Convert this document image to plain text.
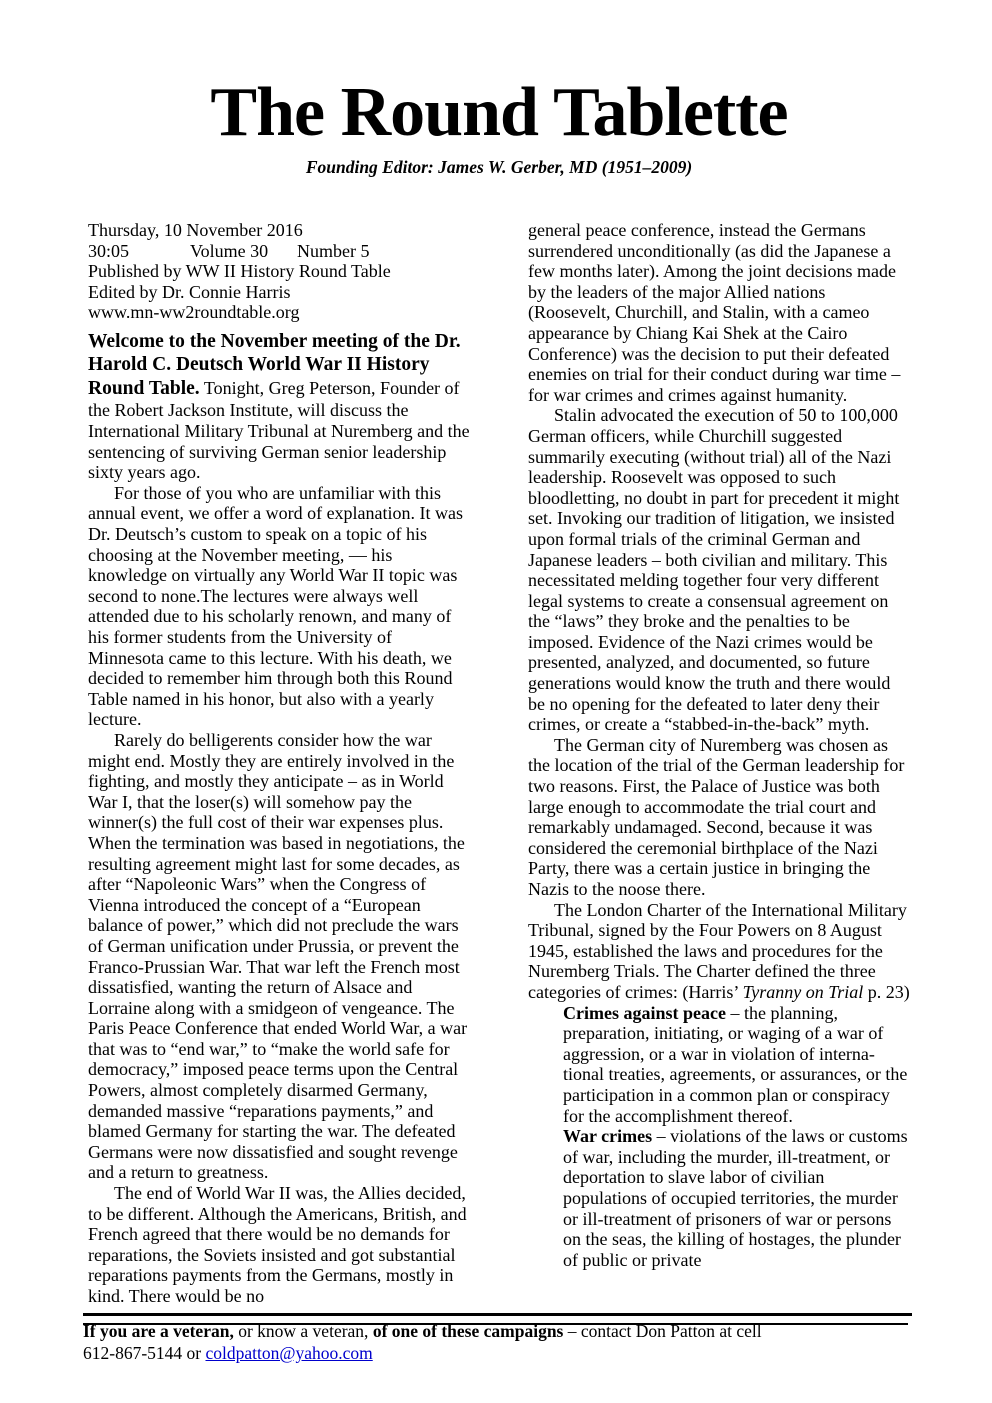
The Round Tablette
Founding Editor: James W. Gerber, MD (1951–2009)
Thursday, 10 November 2016
30:05	Volume 30 Number 5
Published by WW II History Round Table
Edited by Dr. Connie Harris
www.mn-ww2roundtable.org

Welcome to the November meeting of the Dr. Harold C. Deutsch World War II History Round Table. Tonight, Greg Peterson, Founder of the Robert Jackson Institute, will discuss the International Military Tribunal at Nuremberg and the sentencing of surviving German senior leadership sixty years ago.

For those of you who are unfamiliar with this annual event, we offer a word of explanation. It was Dr. Deutsch’s custom to speak on a topic of his choosing at the November meeting, — his knowledge on virtually any World War II topic was second to none.The lectures were always well attended due to his scholarly renown, and many of his former students from the University of Minnesota came to this lecture. With his death, we decided to remember him through both this Round Table named in his honor, but also with a yearly lecture.

Rarely do belligerents consider how the war might end. Mostly they are entirely involved in the fighting, and mostly they anticipate – as in World War I, that the loser(s) will somehow pay the winner(s) the full cost of their war expenses plus. When the termination was based in negotiations, the resulting agreement might last for some decades, as after “Napoleonic Wars” when the Congress of Vienna introduced the concept of a “European balance of power,” which did not preclude the wars of German unification under Prussia, or prevent the Franco-Prussian War. That war left the French most dissatisfied, wanting the return of Alsace and Lorraine along with a smidgeon of vengeance. The Paris Peace Conference that ended World War, a war that was to “end war,” to “make the world safe for democracy,” imposed peace terms upon the Central Powers, almost completely disarmed Germany, demanded massive “reparations payments,” and blamed Germany for starting the war. The defeated Germans were now dissatisfied and sought revenge and a return to greatness.

The end of World War II was, the Allies decided, to be different. Although the Americans, British, and French agreed that there would be no demands for reparations, the Soviets insisted and got substantial reparations payments from the Germans, mostly in kind. There would be no

general peace conference, instead the Germans surrendered unconditionally (as did the Japanese a few months later). Among the joint decisions made by the leaders of the major Allied nations (Roosevelt, Churchill, and Stalin, with a cameo appearance by Chiang Kai Shek at the Cairo Conference) was the decision to put their defeated enemies on trial for their conduct during war time – for war crimes and crimes against humanity.

Stalin advocated the execution of 50 to 100,000 German officers, while Churchill suggested summarily executing (without trial) all of the Nazi leadership. Roosevelt was opposed to such bloodletting, no doubt in part for precedent it might set. Invoking our tradition of litigation, we insisted upon formal trials of the criminal German and Japanese leaders – both civilian and military. This necessitated melding together four very different legal systems to create a consensual agreement on the “laws” they broke and the penalties to be imposed. Evidence of the Nazi crimes would be presented, analyzed, and documented, so future generations would know the truth and there would be no opening for the defeated to later deny their crimes, or create a “stabbed-in-the-back” myth.

The German city of Nuremberg was chosen as the location of the trial of the German leadership for two reasons. First, the Palace of Justice was both large enough to accommodate the trial court and remarkably undamaged. Second, because it was considered the ceremonial birthplace of the Nazi Party, there was a certain justice in bringing the Nazis to the noose there.

The London Charter of the International Military Tribunal, signed by the Four Powers on 8 August 1945, established the laws and procedures for the Nuremberg Trials. The Charter defined the three categories of crimes: (Harris’ Tyranny on Trial p. 23)

Crimes against peace – the planning, preparation, initiating, or waging of a war of aggression, or a war in violation of interna-tional treaties, agreements, or assurances, or the participation in a common plan or conspiracy for the accomplishment thereof.
War crimes – violations of the laws or customs of war, including the murder, ill-treatment, or deportation to slave labor of civilian populations of occupied territories, the murder or ill-treatment of prisoners of war or persons on the seas, the killing of hostages, the plunder of public or private
If you are a veteran, or know a veteran, of one of these campaigns – contact Don Patton at cell
612-867-5144 or coldpatton@yahoo.com
